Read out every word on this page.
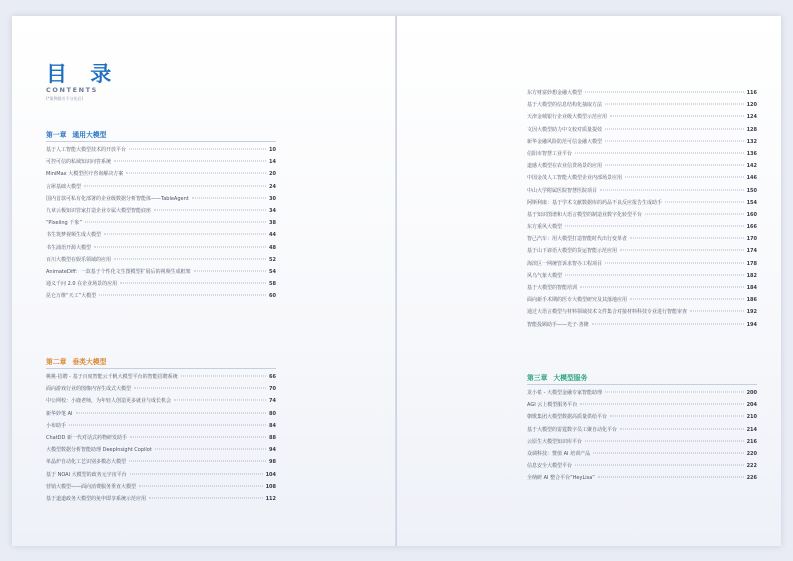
目 录
CONTENTS
(*案例排名不分先后)
第一章 通用大模型
基于人工智能大模型技术的开放平台	10
可控可信的私域知识问答系统	14
MiniMax 大模型医疗咨询解决方案	20
言犀基础大模型	24
国内首款可私有化部署的企业级数据分析智能体——TableAgent	30
九章云极知识管家打造企业专属大模型智能底座	34
“Pixeling 千象”	38
书生筑梦视频生成大模型	44
书生浦语开源大模型	48
百川大模型在娱乐领域的应用	52
AnimateDiff：一款基于个性化文生图模型扩展后的视频生成框架	54
通义千问 2.0 在企业场景的应用	58
昆仑万维“天工”大模型	60
第二章 垂类大模型
桃桃·招聘 - 基于百度智能云千帆大模型平台的智能招聘系统	66
面向游戏行业的图像内容生成式大模型	70
中公网校：小鹿老师，为年轻人创造更多就业与成长机会	74
新华妙笔 AI	80
小布助手	84
ChatDD 新一代对话式药物研发助手	88
大模型数据分析智能助理 DeepInsight Copilot	94
单晶炉自动化工艺识别多模态大模型	98
基于 NOAI 大模型的政务元宇宙平台	104
营销大模型——面向消费服务垂直大模型	108
基于道道政务大模型的免申即享系统示范应用	112
东方财富妙想金融大模型	116
基于大模型的信息结构化抽取方法	120
天津金城银行企业级大模型示范应用	124
文因大模型助力中文校对质量提效	128
新华金融风险防范可信金融大模型	132
信阳市智慧工业平台	136
道感大模型在农业信贷场景的应用	142
中国金茂人工智能大模型企业内部场景应用	146
中山大学附属医院智慧医院项目	150
阿斯利康：基于学术文献数据库的药品不良反应报告生成助手	154
基于知识图谱和大语言模型的制造业数字化转型平台	160
东方重风大模型	166
智己汽车：用大模型打造智能时代出行变革者	170
基于山下谚语大模型的货运智能示范应用	174
海滨区一网统管诉求智办工程项目	178
风乌气象大模型	182
基于大模型的智能培训	184
面向新手术期的医专大模型研究及其落地应用	186
通过大语言模型与材料领域技术文件集合对接材料科技专业进行智能审查	192
智能投顾助手——光子·善隆	194
第三章 大模型服务
龙小希 - 大模型金融专家智能助理	200
AGI 云上模型服务平台	204
朝歌集团大模型数据高质量供给平台	210
基于大模型的雷霆数字员工聚自动化平台	214
云原生大模型知识库平台	216
众调科技：赞值 AI 培训产品	220
信息安全大模型平台	222
全纳研 AI 整合平台“HeyLisa”	226
